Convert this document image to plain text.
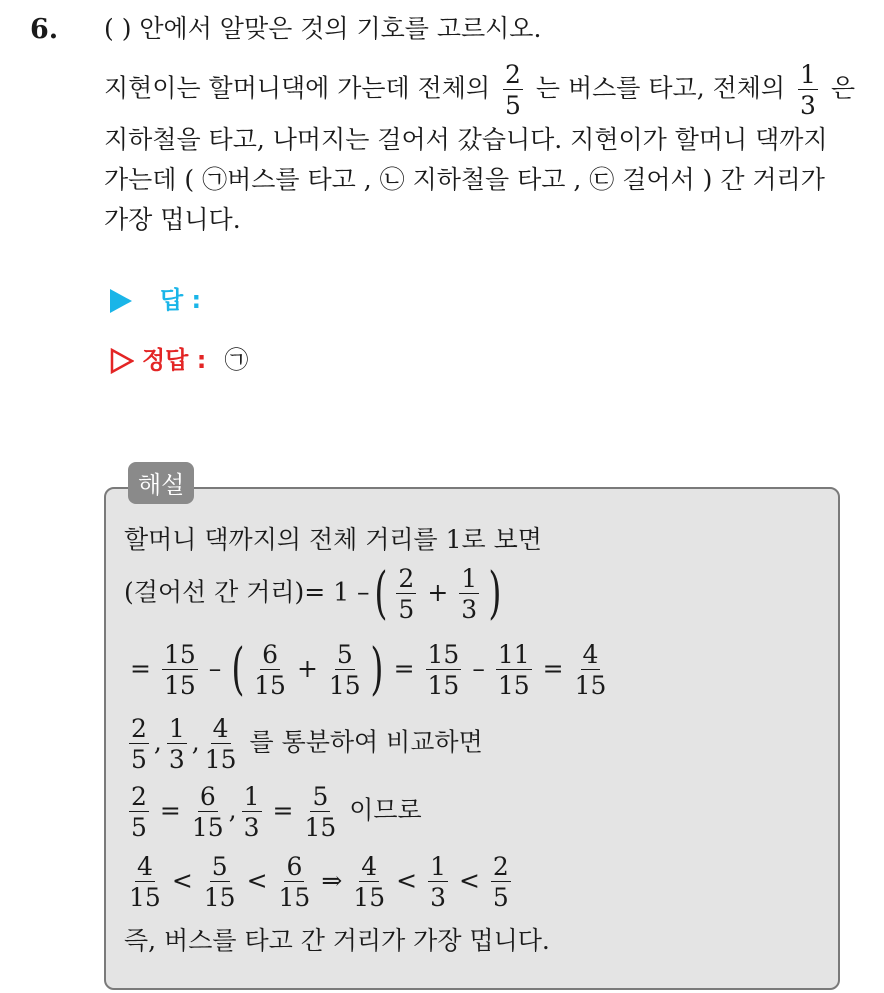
6. ( ) 안에서 알맞은 것의 기호를 고르시오.
지현이는 할머니댁에 가는데 전체의 $\frac{2}{5}$ 는 버스를 타고, 전체의 $\frac{1}{3}$ 은
지하철을 타고, 나머지는 걸어서 갔습니다. 지현이가 할머니 댁까지
가는데 ( ㉠버스를 타고 , ㉡ 지하철을 타고 , ㉢ 걸어서 ) 간 거리가
가장 멉니다.
답 :
정답 : ㉠
해설
할머니 댁까지의 전체 거리를 1로 보면
(걸어선 간 거리)= 1 –( $\frac{2}{5} + \frac{1}{3}$ )
= $\frac{15}{15}$ – ( $\frac{6}{15} + \frac{5}{15}$ ) = $\frac{15}{15} - \frac{11}{15} = \frac{4}{15}$
$\frac{2}{5}$ , $\frac{1}{3}$ , $\frac{4}{15}$ 를 통분하여 비교하면
$\frac{2}{5} = \frac{6}{15}$ , $\frac{1}{3} = \frac{5}{15}$ 이므로
$\frac{4}{15} < \frac{5}{15} < \frac{6}{15}$ ⇒ $\frac{4}{15} < \frac{1}{3} < \frac{2}{5}$
즉, 버스를 타고 간 거리가 가장 멉니다.
